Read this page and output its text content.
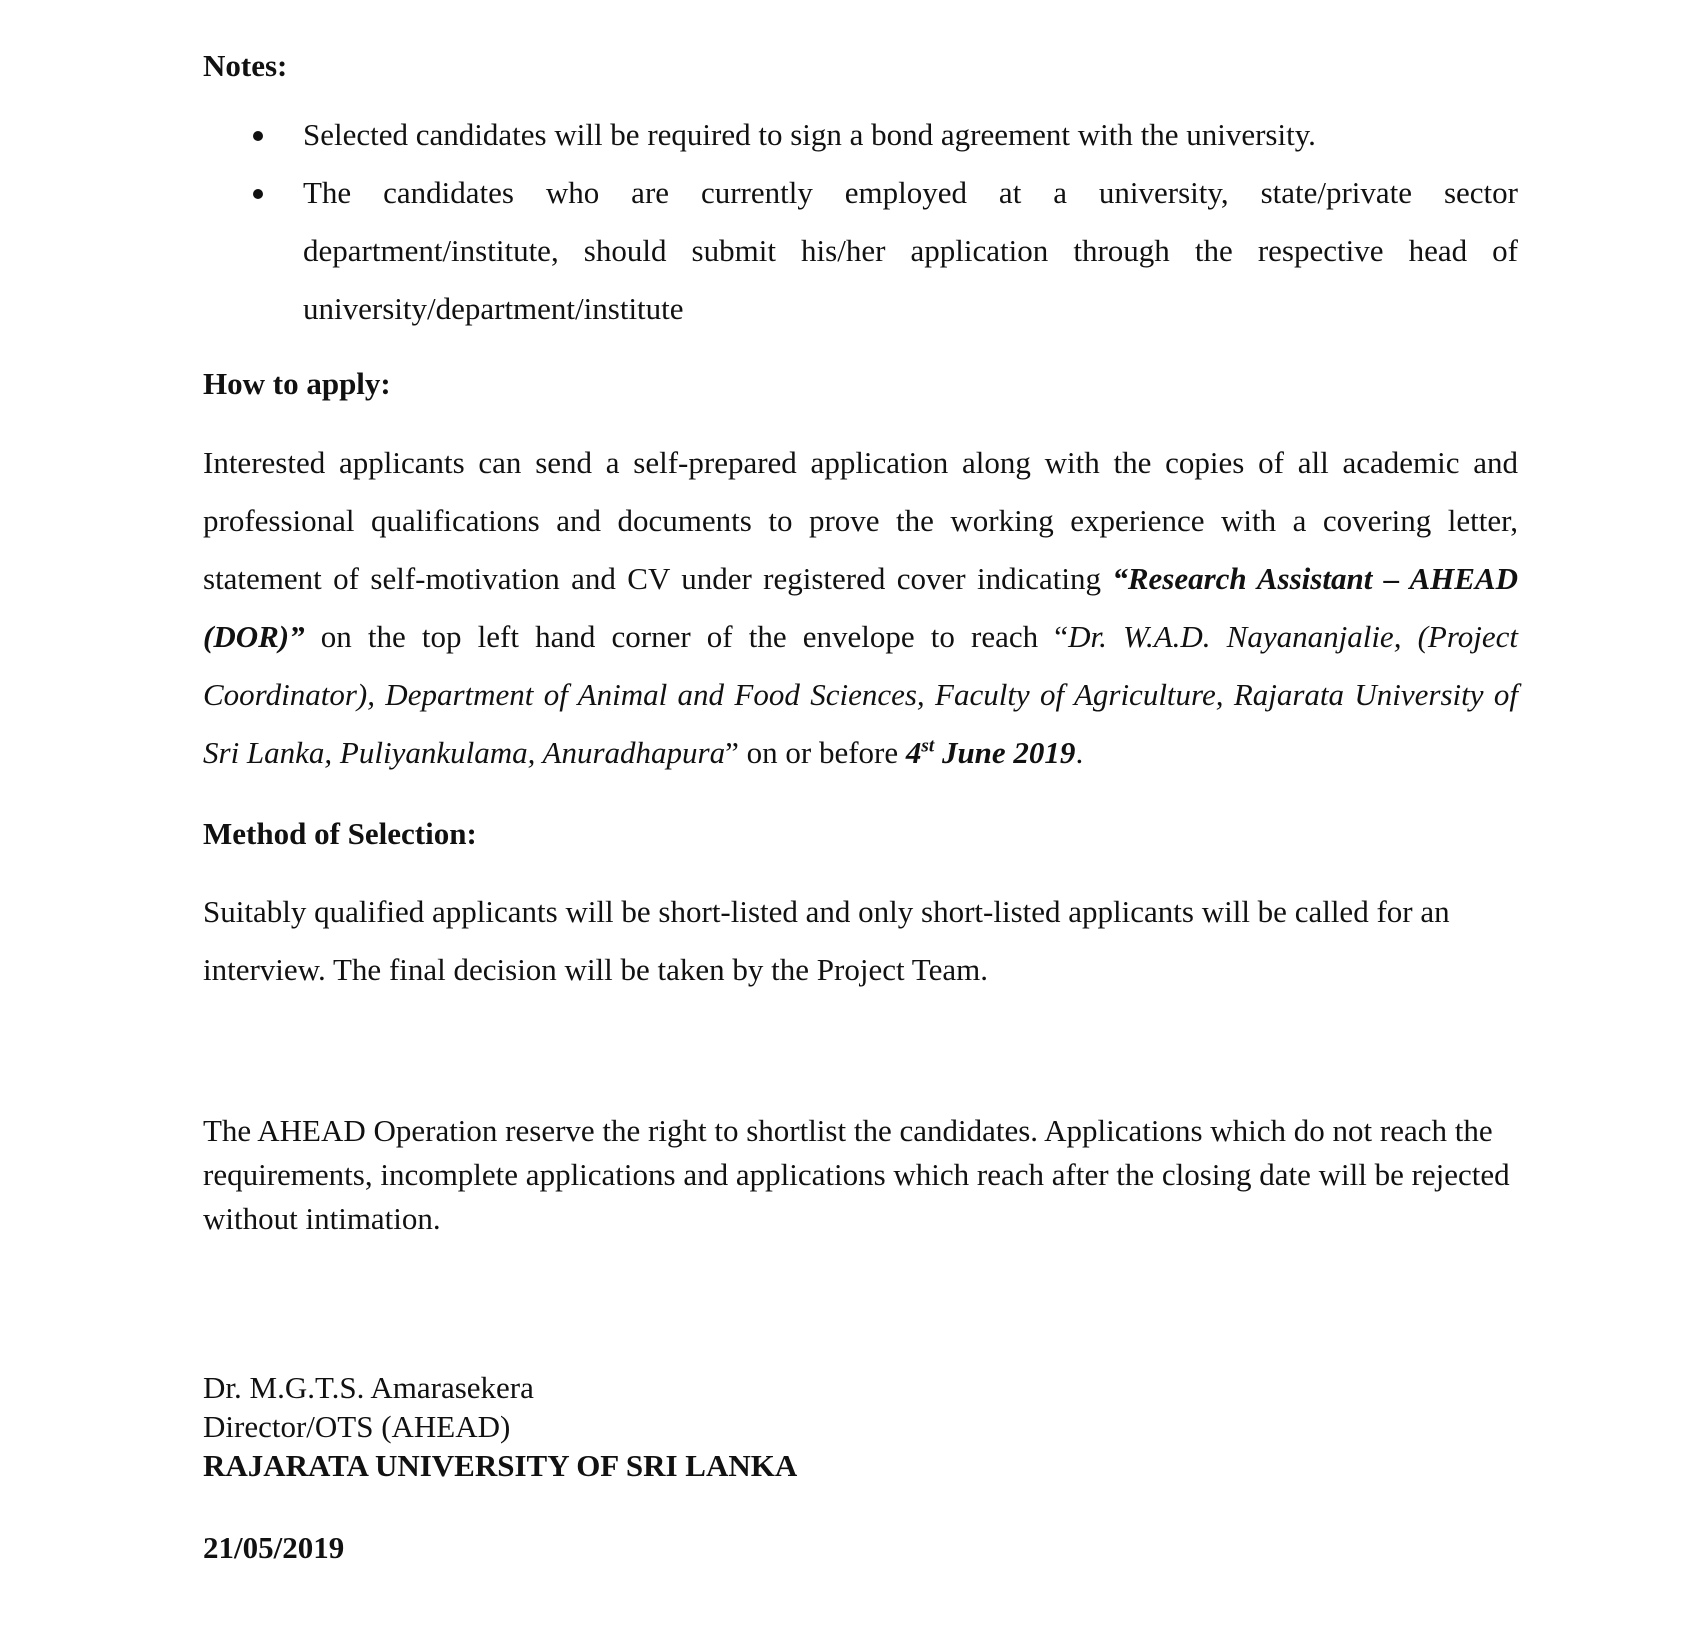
Notes:
Selected candidates will be required to sign a bond agreement with the university.
The candidates who are currently employed at a university, state/private sector department/institute, should submit his/her application through the respective head of university/department/institute
How to apply:

Interested applicants can send a self-prepared application along with the copies of all academic and professional qualifications and documents to prove the working experience with a covering letter, statement of self-motivation and CV under registered cover indicating “Research Assistant – AHEAD (DOR)” on the top left hand corner of the envelope to reach “Dr. W.A.D. Nayananjalie, (Project Coordinator), Department of Animal and Food Sciences, Faculty of Agriculture, Rajarata University of Sri Lanka, Puliyankulama, Anuradhapura” on or before 4st June 2019.

Method of Selection:

Suitably qualified applicants will be short-listed and only short-listed applicants will be called for an interview. The final decision will be taken by the Project Team.

The AHEAD Operation reserve the right to shortlist the candidates. Applications which do not reach the requirements, incomplete applications and applications which reach after the closing date will be rejected without intimation.

Dr. M.G.T.S. Amarasekera
Director/OTS (AHEAD)
RAJARATA UNIVERSITY OF SRI LANKA

21/05/2019
